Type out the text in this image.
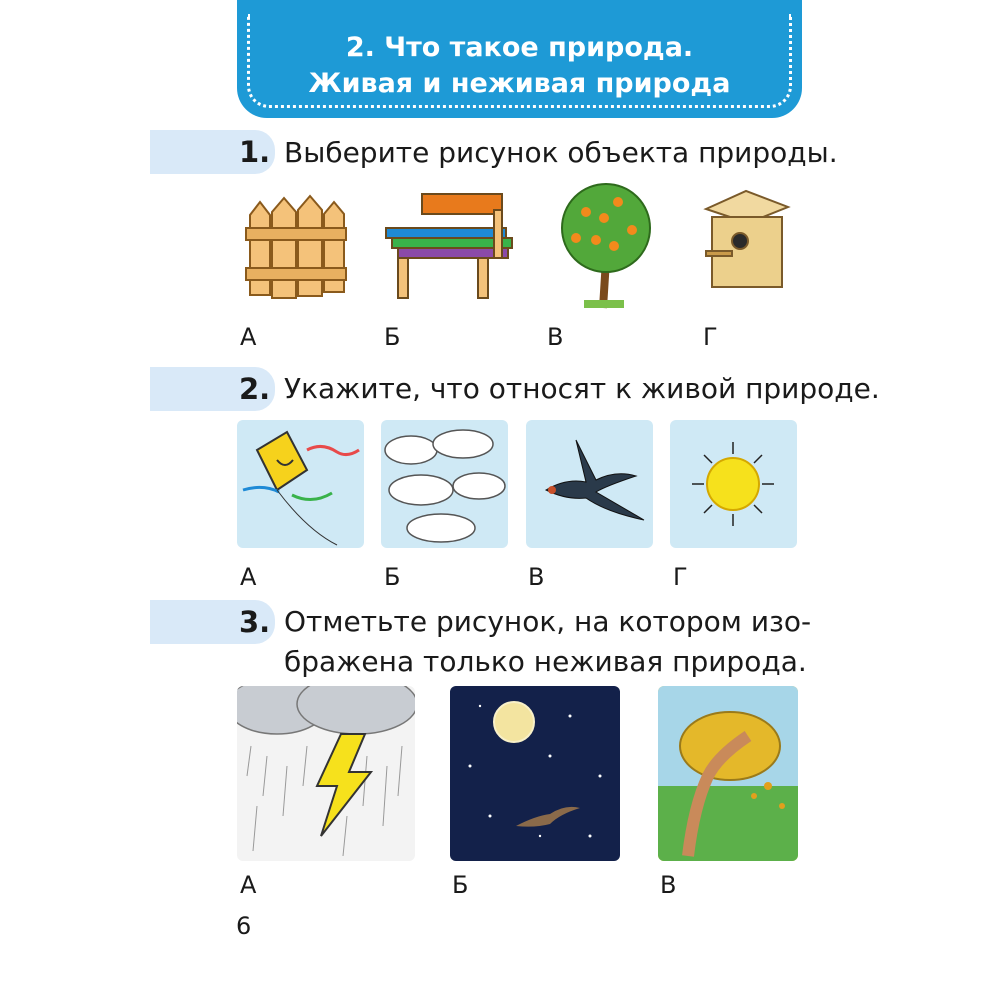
2. Что такое природа.
Живая и неживая природа
1. Выберите рисунок объекта природы.
А	Б	В	Г
2. Укажите, что относят к живой природе.
А	Б	В	Г
3. Отметьте рисунок, на котором изо-
бражена только неживая природа.
А	Б	В
6
